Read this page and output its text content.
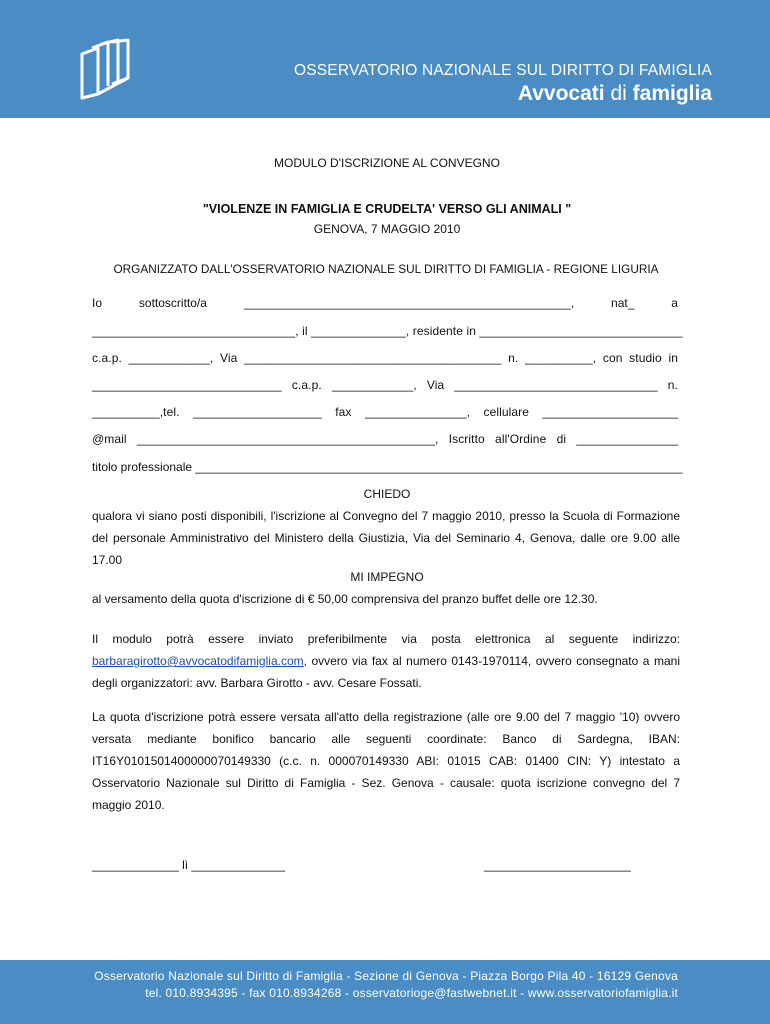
OSSERVATORIO NAZIONALE SUL DIRITTO DI FAMIGLIA
Avvocati di famiglia
MODULO D'ISCRIZIONE AL CONVEGNO
"VIOLENZE IN FAMIGLIA E CRUDELTA' VERSO GLI ANIMALI "
GENOVA, 7 MAGGIO 2010
ORGANIZZATO DALL'OSSERVATORIO NAZIONALE SUL DIRITTO DI FAMIGLIA - REGIONE LIGURIA
Io	sottoscritto/a	_________________________________________________,	nat_	a
______________________________, il ______________, residente in ______________________________
c.a.p. ____________, Via ______________________________________ n. __________, con studio in
____________________________ c.a.p. ____________, Via ______________________________ n.
__________,tel. ___________________ fax _______________, cellulare ____________________
@mail ____________________________________________, Iscritto all'Ordine di _______________
titolo professionale _________________________________________________________________________
CHIEDO
qualora vi siano posti disponibili, l'iscrizione al Convegno del 7 maggio 2010, presso la Scuola di Formazione del personale Amministrativo del Ministero della Giustizia, Via del Seminario 4, Genova, dalle ore 9.00 alle 17.00
MI IMPEGNO
al versamento della quota d'iscrizione di € 50,00 comprensiva del pranzo buffet delle ore 12.30.
Il modulo potrà essere inviato preferibilmente via posta elettronica al seguente indirizzo: barbaragirotto@avvocatodifamiglia.com, ovvero via fax al numero 0143-1970114, ovvero consegnato a mani degli organizzatori: avv. Barbara Girotto - avv. Cesare Fossati.
La quota d'iscrizione potrà essere versata all'atto della registrazione (alle ore 9.00 del 7 maggio '10) ovvero versata mediante bonifico bancario alle seguenti coordinate: Banco di Sardegna, IBAN: IT16Y0101501400000070149330 (c.c. n. 000070149330 ABI: 01015 CAB: 01400 CIN: Y) intestato a Osservatorio Nazionale sul Diritto di Famiglia - Sez. Genova - causale: quota iscrizione convegno del 7 maggio 2010.
_____________ lì ______________	______________________
Osservatorio Nazionale sul Diritto di Famiglia - Sezione di Genova - Piazza Borgo Pila 40 - 16129 Genova
tel. 010.8934395 - fax 010.8934268 - osservatorioge@fastwebnet.it - www.osservatoriofamiglia.it
